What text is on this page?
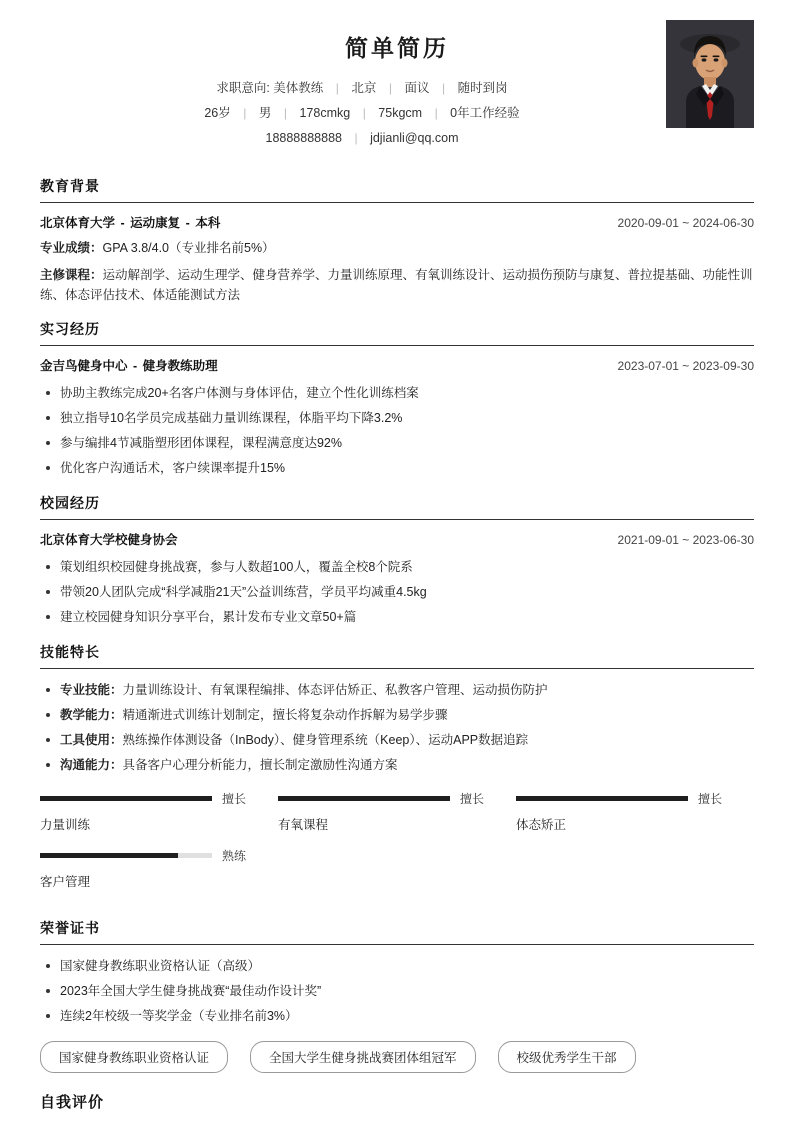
简单简历
求职意向: 美体教练 | 北京 | 面议 | 随时到岗
26岁 | 男 | 178cmkg | 75kgcm | 0年工作经验
18888888888 | jdjianli@qq.com
教育背景
北京体育大学 - 运动康复 - 本科	2020-09-01 ~ 2024-06-30
专业成绩：GPA 3.8/4.0（专业排名前5%）
主修课程：运动解剖学、运动生理学、健身营养学、力量训练原理、有氧训练设计、运动损伤预防与康复、普拉提基础、功能性训练、体态评估技术、体适能测试方法
实习经历
金吉鸟健身中心 - 健身教练助理	2023-07-01 ~ 2023-09-30
协助主教练完成20+名客户体测与身体评估，建立个性化训练档案
独立指导10名学员完成基础力量训练课程，体脂平均下降3.2%
参与编排4节减脂塑形团体课程，课程满意度达92%
优化客户沟通话术，客户续课率提升15%
校园经历
北京体育大学校健身协会	2021-09-01 ~ 2023-06-30
策划组织校园健身挑战赛，参与人数超100人，覆盖全校8个院系
带领20人团队完成“科学减脂21天”公益训练营，学员平均减重4.5kg
建立校园健身知识分享平台，累计发布专业文章50+篇
技能特长
专业技能：力量训练设计、有氧课程编排、体态评估矫正、私教客户管理、运动损伤防护
教学能力：精通渐进式训练计划制定，擅长将复杂动作拆解为易学步骤
工具使用：熟练操作体测设备（InBody）、健身管理系统（Keep）、运动APP数据追踪
沟通能力：具备客户心理分析能力，擅长制定激励性沟通方案
擅长
力量训练
擅长
有氧课程
擅长
体态矫正
熟练
客户管理
荣誉证书
国家健身教练职业资格认证（高级）
2023年全国大学生健身挑战赛“最佳动作设计奖”
连续2年校级一等奖学金（专业排名前3%）
国家健身教练职业资格认证	全国大学生健身挑战赛团体组冠军	校级优秀学生干部
自我评价
